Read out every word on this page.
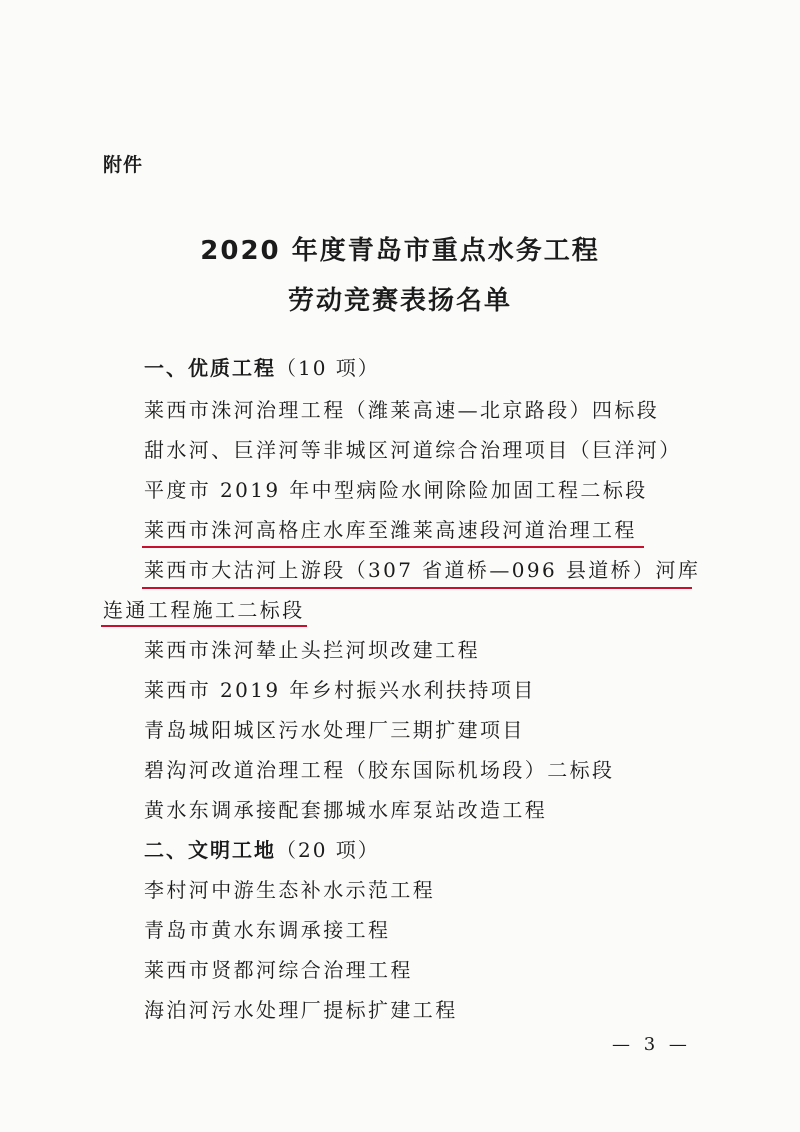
附件
2020 年度青岛市重点水务工程
劳动竞赛表扬名单
一、优质工程（10 项）
莱西市洙河治理工程（潍莱高速—北京路段）四标段
甜水河、巨洋河等非城区河道综合治理项目（巨洋河）
平度市 2019 年中型病险水闸除险加固工程二标段
莱西市洙河高格庄水库至潍莱高速段河道治理工程
莱西市大沽河上游段（307 省道桥—096 县道桥）河库
连通工程施工二标段
莱西市洙河辇止头拦河坝改建工程
莱西市 2019 年乡村振兴水利扶持项目
青岛城阳城区污水处理厂三期扩建项目
碧沟河改道治理工程（胶东国际机场段）二标段
黄水东调承接配套挪城水库泵站改造工程
二、文明工地（20 项）
李村河中游生态补水示范工程
青岛市黄水东调承接工程
莱西市贤都河综合治理工程
海泊河污水处理厂提标扩建工程
— 3 —
